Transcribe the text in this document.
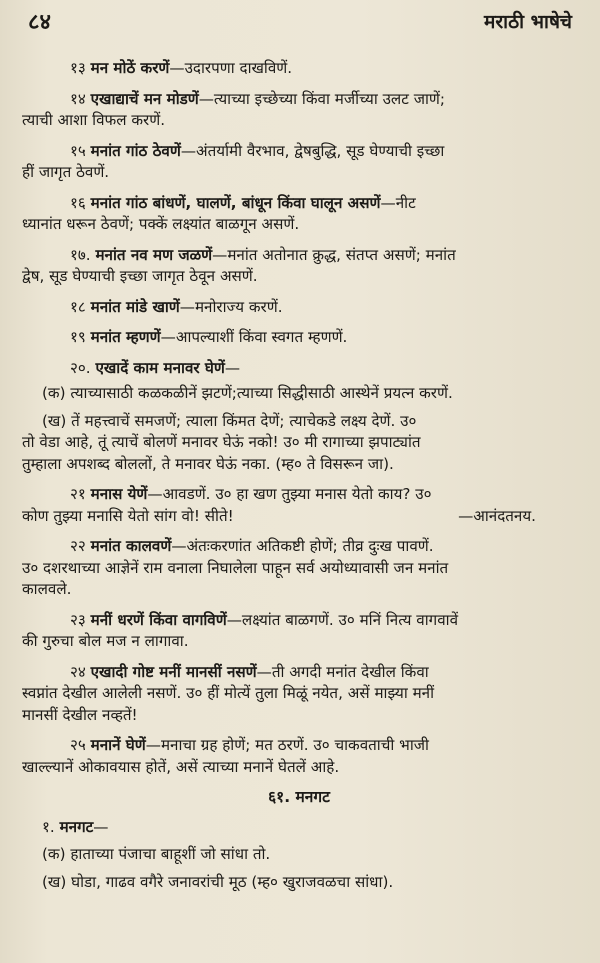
८४	मराठी भाषेचे
१३ मन मोठें करणें—उदारपणा दाखविणें.
१४ एखाद्याचें मन मोडणें—त्याच्या इच्छेच्या किंवा मर्जीच्या उलट जाणें;
त्याची आशा विफल करणें.
१५ मनांत गांठ ठेवणें—अंतर्यामी वैरभाव, द्वेषबुद्धि, सूड घेण्याची इच्छा
हीं जागृत ठेवणें.
१६ मनांत गांठ बांधणें, घालणें, बांधून किंवा घालून असणें—नीट
ध्यानांत धरून ठेवणें; पक्कें लक्ष्यांत बाळगून असणें.
१७. मनांत नव मण जळणें—मनांत अतोनात क्रुद्ध, संतप्त असणें; मनांत
द्वेष, सूड घेण्याची इच्छा जागृत ठेवून असणें.
१८ मनांत मांडे खाणें—मनोराज्य करणें.
१९ मनांत म्हणणें—आपल्याशीं किंवा स्वगत म्हणणें.
२०. एखादें काम मनावर घेणें—
(क) त्याच्यासाठी कळकळीनें झटणें;त्याच्या सिद्धीसाठी आस्थेनें प्रयत्न करणें.
(ख) तें महत्त्वाचें समजणें; त्याला किंमत देणें; त्याचेकडे लक्ष्य देणें. उ०
तो वेडा आहे, तूं त्याचें बोलणें मनावर घेऊं नको! उ० मी रागाच्या झपाट्यांत
तुम्हाला अपशब्द बोललों, ते मनावर घेऊं नका. (म्ह० ते विसरून जा).
२१ मनास येणें—आवडणें. उ० हा खण तुझ्या मनास येतो काय? उ०
कोण तुझ्या मनासि येतो सांग वो! सीते!	—आनंदतनय.
२२ मनांत कालवणें—अंतःकरणांत अतिकष्टी होणें; तीव्र दुःख पावणें.
उ० दशरथाच्या आज्ञेनें राम वनाला निघालेला पाहून सर्व अयोध्यावासी जन मनांत
कालवले.
२३ मनीं धरणें किंवा वागविणें—लक्ष्यांत बाळगणें. उ० मनिं नित्य वागवावें
की गुरुचा बोल मज न लागावा.
२४ एखादी गोष्ट मनीं मानसीं नसणें—ती अगदी मनांत देखील किंवा
स्वप्नांत देखील आलेली नसणें. उ० हीं मोत्यें तुला मिळूं नयेत, असें माझ्या मनीं
मानसीं देखील नव्हतें!
२५ मनानें घेणें—मनाचा ग्रह होणें; मत ठरणें. उ० चाकवताची भाजी
खाल्ल्यानें ओकावयास होतें, असें त्याच्या मनानें घेतलें आहे.
६१. मनगट
१. मनगट—
(क) हाताच्या पंजाचा बाहूशीं जो सांधा तो.
(ख) घोडा, गाढव वगैरे जनावरांची मूठ (म्ह० खुराजवळचा सांधा).
